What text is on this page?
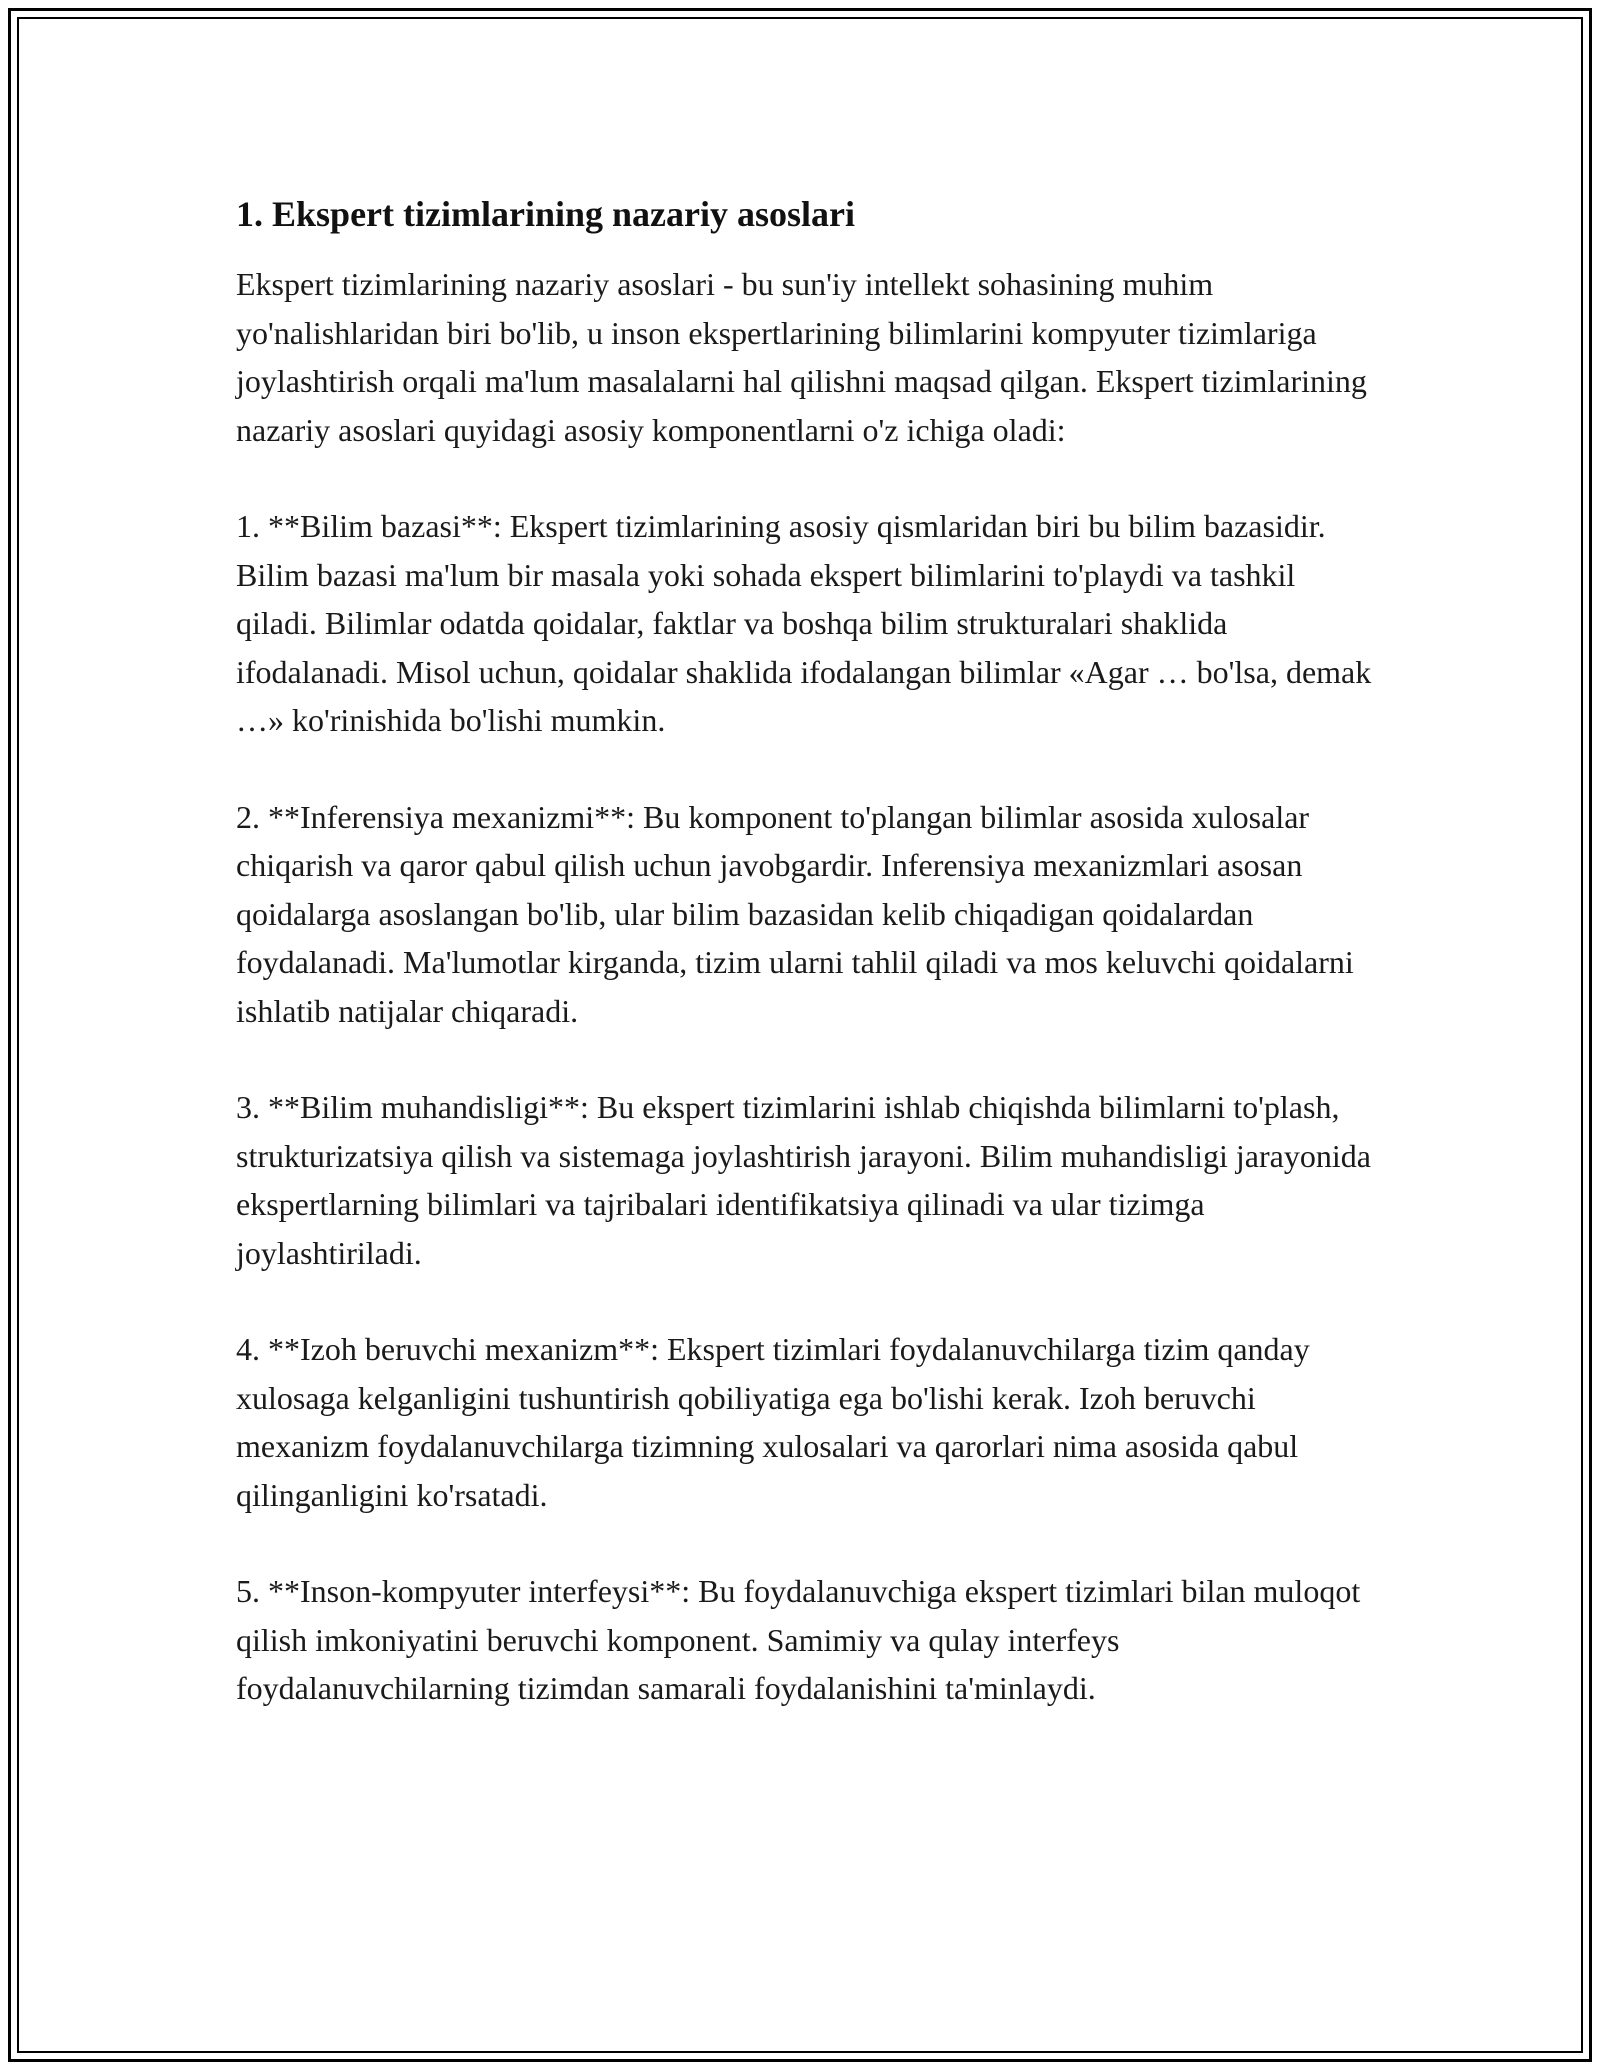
1. Ekspert tizimlarining nazariy asoslari

Ekspert tizimlarining nazariy asoslari - bu sun'iy intellekt sohasining muhim yo'nalishlaridan biri bo'lib, u inson ekspertlarining bilimlarini kompyuter tizimlariga joylashtirish orqali ma'lum masalalarni hal qilishni maqsad qilgan. Ekspert tizimlarining nazariy asoslari quyidagi asosiy komponentlarni o'z ichiga oladi:

1. **Bilim bazasi**: Ekspert tizimlarining asosiy qismlaridan biri bu bilim bazasidir. Bilim bazasi ma'lum bir masala yoki sohada ekspert bilimlarini to'playdi va tashkil qiladi. Bilimlar odatda qoidalar, faktlar va boshqa bilim strukturalari shaklida ifodalanadi. Misol uchun, qoidalar shaklida ifodalangan bilimlar «Agar … bo'lsa, demak …» ko'rinishida bo'lishi mumkin.

2. **Inferensiya mexanizmi**: Bu komponent to'plangan bilimlar asosida xulosalar chiqarish va qaror qabul qilish uchun javobgardir. Inferensiya mexanizmlari asosan qoidalarga asoslangan bo'lib, ular bilim bazasidan kelib chiqadigan qoidalardan foydalanadi. Ma'lumotlar kirganda, tizim ularni tahlil qiladi va mos keluvchi qoidalarni ishlatib natijalar chiqaradi.

3. **Bilim muhandisligi**: Bu ekspert tizimlarini ishlab chiqishda bilimlarni to'plash, strukturizatsiya qilish va sistemaga joylashtirish jarayoni. Bilim muhandisligi jarayonida ekspertlarning bilimlari va tajribalari identifikatsiya qilinadi va ular tizimga joylashtiriladi.

4. **Izoh beruvchi mexanizm**: Ekspert tizimlari foydalanuvchilarga tizim qanday xulosaga kelganligini tushuntirish qobiliyatiga ega bo'lishi kerak. Izoh beruvchi mexanizm foydalanuvchilarga tizimning xulosalari va qarorlari nima asosida qabul qilinganligini ko'rsatadi.

5. **Inson-kompyuter interfeysi**: Bu foydalanuvchiga ekspert tizimlari bilan muloqot qilish imkoniyatini beruvchi komponent. Samimiy va qulay interfeys foydalanuvchilarning tizimdan samarali foydalanishini ta'minlaydi.
